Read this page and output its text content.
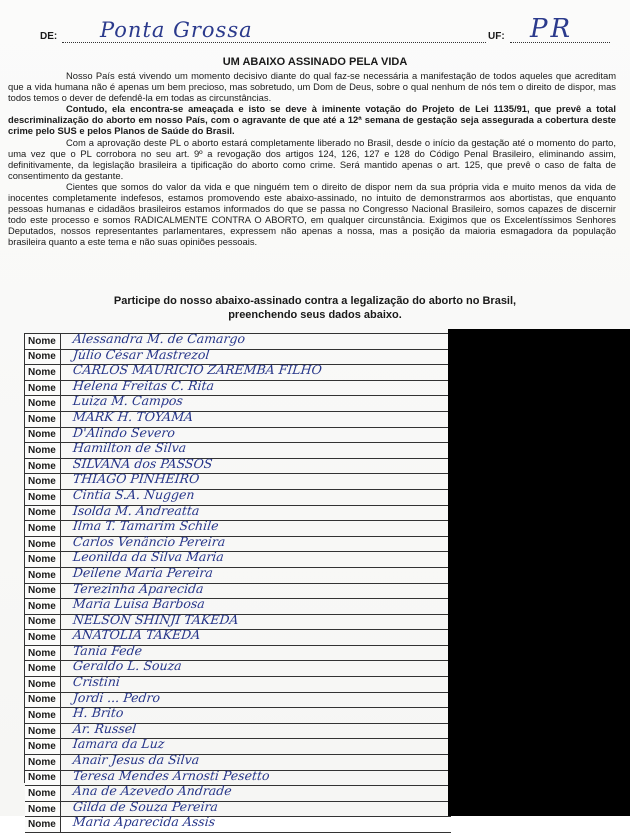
DE: Ponta Grossa	UF: PR
UM ABAIXO ASSINADO PELA VIDA

Nosso País está vivendo um momento decisivo diante do qual faz-se necessária a manifestação de todos aqueles que acreditam que a vida humana não é apenas um bem precioso, mas sobretudo, um Dom de Deus, sobre o qual nenhum de nós tem o direito de dispor, mas todos temos o dever de defendê-la em todas as circunstâncias.

Contudo, ela encontra-se ameaçada e isto se deve à iminente votação do Projeto de Lei 1135/91, que prevê a total descriminalização do aborto em nosso País, com o agravante de que até a 12ª semana de gestação seja assegurada a cobertura deste crime pelo SUS e pelos Planos de Saúde do Brasil.

Com a aprovação deste PL o aborto estará completamente liberado no Brasil, desde o início da gestação até o momento do parto, uma vez que o PL corrobora no seu art. 9º a revogação dos artigos 124, 126, 127 e 128 do Código Penal Brasileiro, eliminando assim, definitivamente, da legislação brasileira a tipificação do aborto como crime. Será mantido apenas o art. 125, que prevê o caso de falta de consentimento da gestante.

Cientes que somos do valor da vida e que ninguém tem o direito de dispor nem da sua própria vida e muito menos da vida de inocentes completamente indefesos, estamos promovendo este abaixo-assinado, no intuito de demonstrarmos aos abortistas, que enquanto pessoas humanas e cidadãos brasileiros estamos informados do que se passa no Congresso Nacional Brasileiro, somos capazes de discernir todo este processo e somos RADICALMENTE CONTRA O ABORTO, em qualquer circunstância. Exigimos que os Excelentíssimos Senhores Deputados, nossos representantes parlamentares, expressem não apenas a nossa, mas a posição da maioria esmagadora da população brasileira quanto a este tema e não suas opiniões pessoais.

Participe do nosso abaixo-assinado contra a legalização do aborto no Brasil,
preenchendo seus dados abaixo.
Nome	Alessandra M. de Camargo
Nome	Júlio César Mastrezol
Nome	CARLOS MAURICIO ZAREMBA FILHO
Nome	Helena Freitas C. Rita
Nome	Luiza M. Campos
Nome	MARK H. TOYAMA
Nome	D'Alindo Severo
Nome	Hamilton de Silva
Nome	SILVANA dos PASSOS
Nome	THIAGO PINHEIRO
Nome	Cintia S.A. Nuggen
Nome	Isolda M. Andreatta
Nome	Ilma T. Tamarim Schile
Nome	Carlos Venâncio Pereira
Nome	Leonilda da Silva Maria
Nome	Deilene Maria Pereira
Nome	Terezinha Aparecida
Nome	Maria Luisa Barbosa
Nome	NELSON SHINJI TAKEDA
Nome	ANATOLIA TAKEDA
Nome	Tania Fede
Nome	Geraldo L. Souza
Nome	Cristini
Nome	Jordi ... Pedro
Nome	H. Brito
Nome	Ar. Russel
Nome	Iamara da Luz
Nome	Anair Jesus da Silva
Nome	Teresa Mendes Arnosti Pesetto
Nome	Ana de Azevedo Andrade
Nome	Gilda de Souza Pereira
Nome	Maria Aparecida Assis
